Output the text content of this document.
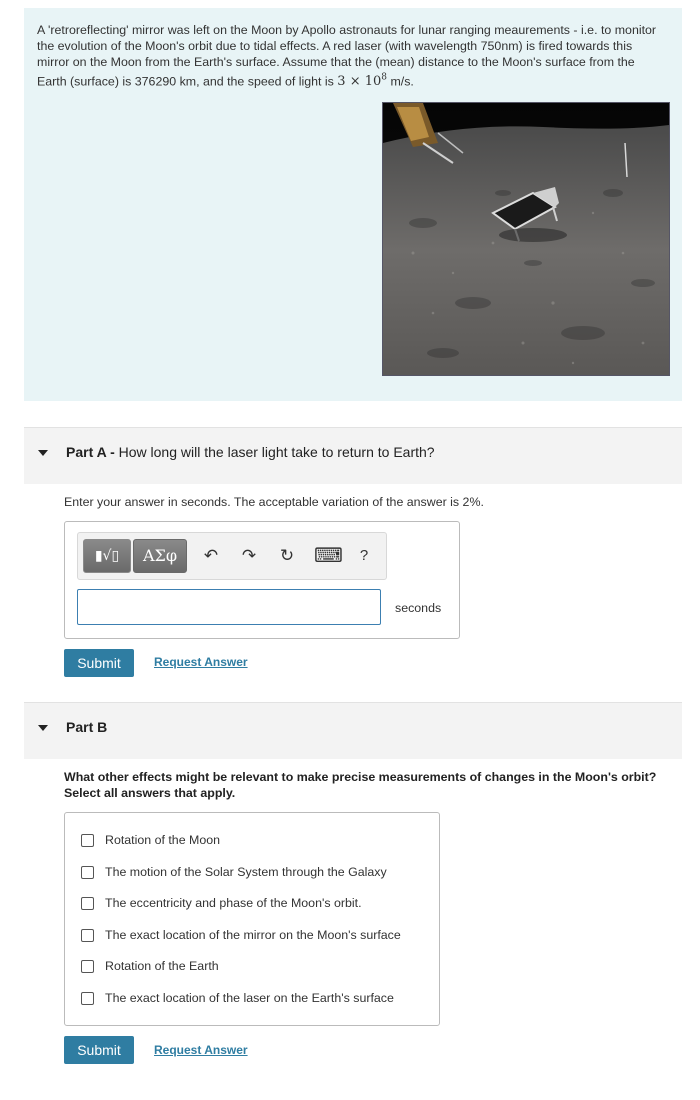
A 'retroreflecting' mirror was left on the Moon by Apollo astronauts for lunar ranging meaurements - i.e. to monitor the evolution of the Moon's orbit due to tidal effects. A red laser (with wavelength 750nm) is fired towards this mirror on the Moon from the Earth's surface. Assume that the (mean) distance to the Moon's surface from the Earth (surface) is 376290 km, and the speed of light is $3 \times 10^8$ m/s.
Part A - How long will the laser light take to return to Earth?
Enter your answer in seconds. The acceptable variation of the answer is 2%.
▮√▯	ΑΣφ	↶ ↷ ↻ ⌨	?
seconds
Submit	Request Answer
Part B
What other effects might be relevant to make precise measurements of changes in the Moon's orbit? Select all answers that apply.
Rotation of the Moon
The motion of the Solar System through the Galaxy
The eccentricity and phase of the Moon's orbit.
The exact location of the mirror on the Moon's surface
Rotation of the Earth
The exact location of the laser on the Earth's surface
Submit	Request Answer
